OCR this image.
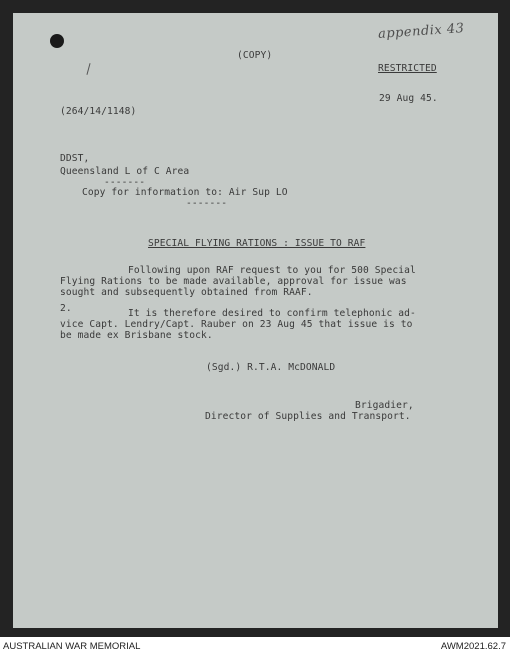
appendix 43
(COPY)
RESTRICTED
29 Aug 45.
(264/14/1148)
DDST,
Queensland L of C Area
-------
Copy for information to: Air Sup LO
-------
SPECIAL FLYING RATIONS : ISSUE TO RAF
Following upon RAF request to you for 500 Special
Flying Rations to be made available, approval for issue was
sought and subsequently obtained from RAAF.
2.	It is therefore desired to confirm telephonic ad-
vice Capt. Lendry/Capt. Rauber on 23 Aug 45 that issue is to
be made ex Brisbane stock.
(Sgd.) R.T.A. McDONALD
Brigadier,
Director of Supplies and Transport.
AUSTRALIAN WAR MEMORIAL	AWM2021.62.7
